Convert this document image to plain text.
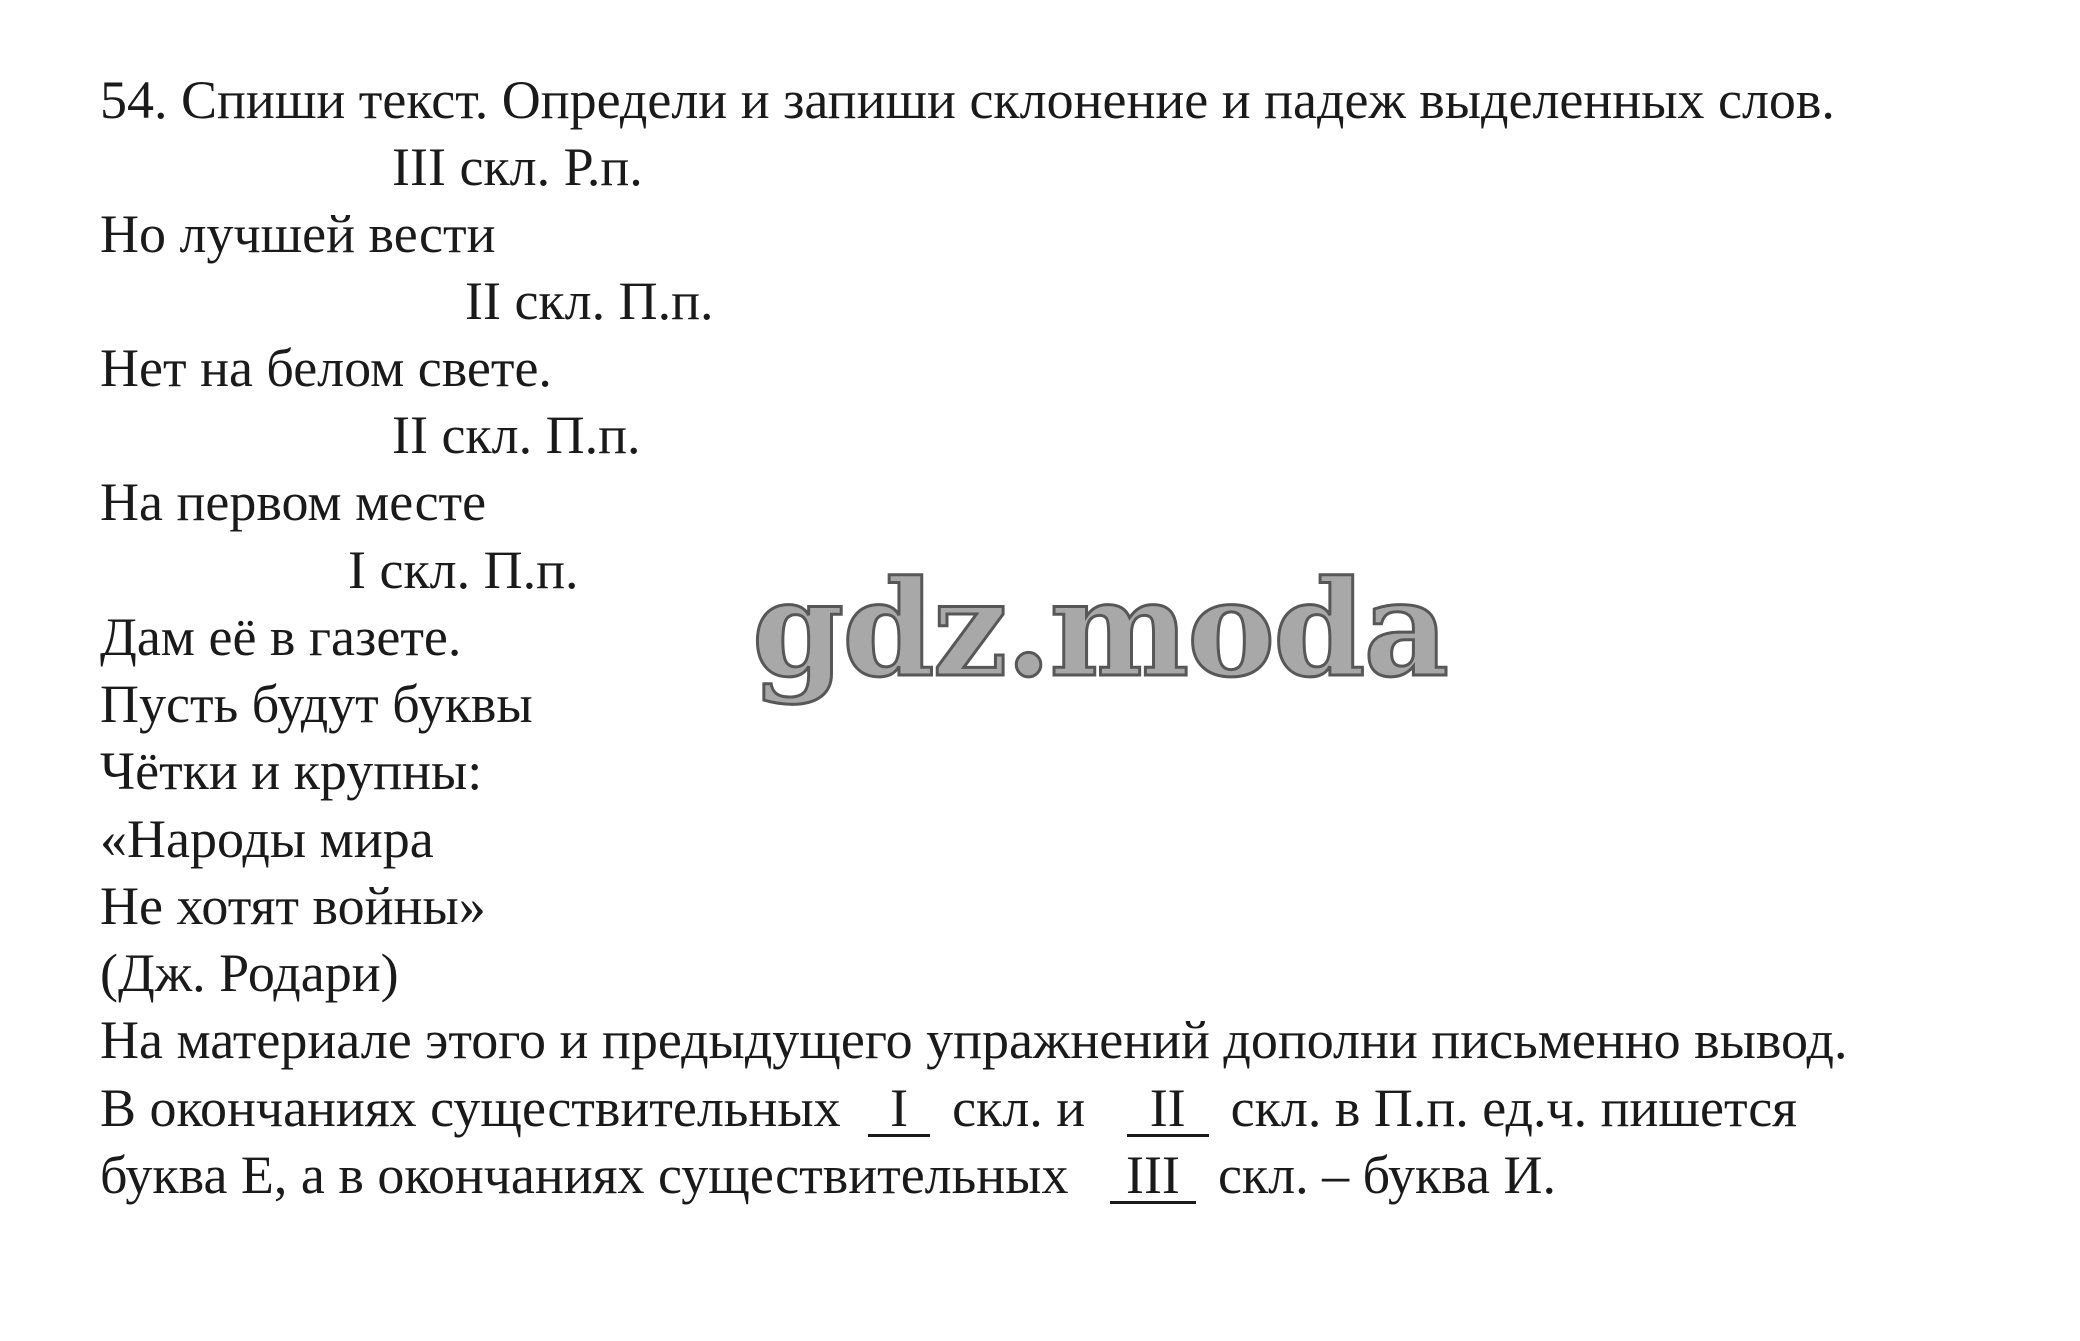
54. Спиши текст. Определи и запиши склонение и падеж выделенных слов.
III скл. Р.п.
Но лучшей вести
II скл. П.п.
Нет на белом свете.
II скл. П.п.
На первом месте
I скл. П.п.
Дам её в газете.
Пусть будут буквы
Чётки и крупны:
«Народы мира
Не хотят войны»
(Дж. Родари)
На материале этого и предыдущего упражнений дополни письменно вывод.
В окончаниях существительных I скл. и II скл. в П.п. ед.ч. пишется
буква Е, а в окончаниях существительных III скл. – буква И.
gdz.moda
